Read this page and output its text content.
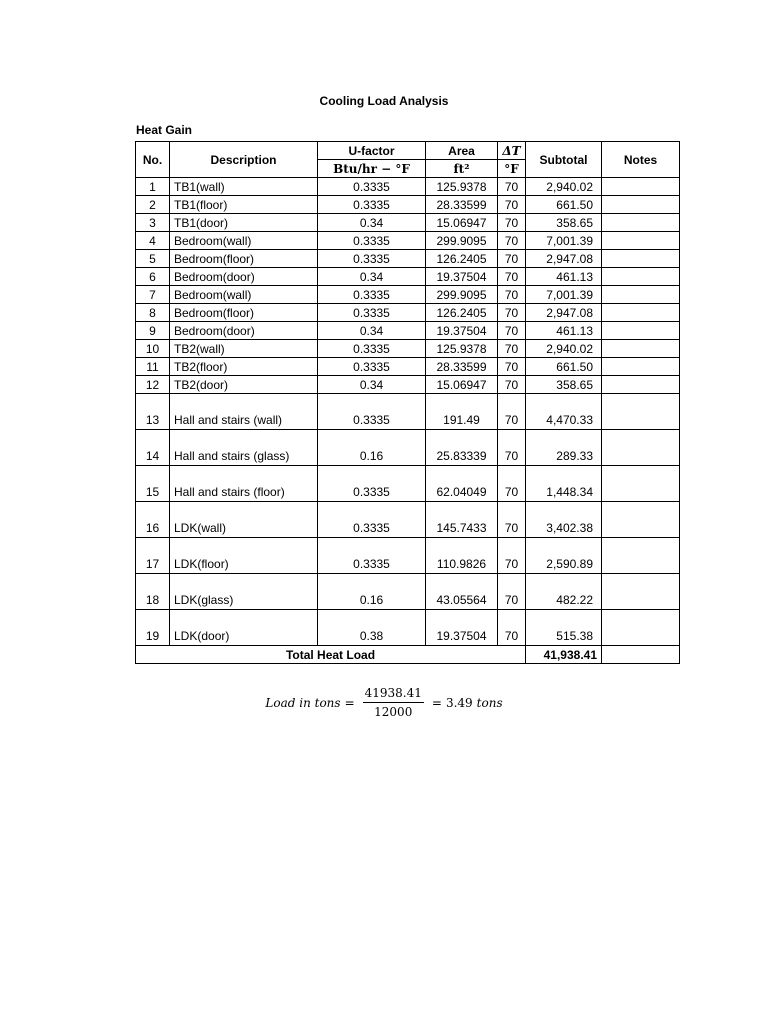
Cooling Load Analysis
Heat Gain
No.	Description	U-factor	Area	ΔT	Subtotal	Notes
		Btu/hr − °F	ft²	°F		
1	TB1(wall)	0.3335	125.9378	70	2,940.02	
2	TB1(floor)	0.3335	28.33599	70	661.50	
3	TB1(door)	0.34	15.06947	70	358.65	
4	Bedroom(wall)	0.3335	299.9095	70	7,001.39	
5	Bedroom(floor)	0.3335	126.2405	70	2,947.08	
6	Bedroom(door)	0.34	19.37504	70	461.13	
7	Bedroom(wall)	0.3335	299.9095	70	7,001.39	
8	Bedroom(floor)	0.3335	126.2405	70	2,947.08	
9	Bedroom(door)	0.34	19.37504	70	461.13	
10	TB2(wall)	0.3335	125.9378	70	2,940.02	
11	TB2(floor)	0.3335	28.33599	70	661.50	
12	TB2(door)	0.34	15.06947	70	358.65	
13	Hall and stairs (wall)	0.3335	191.49	70	4,470.33	
14	Hall and stairs (glass)	0.16	25.83339	70	289.33	
15	Hall and stairs (floor)	0.3335	62.04049	70	1,448.34	
16	LDK(wall)	0.3335	145.7433	70	3,402.38	
17	LDK(floor)	0.3335	110.9826	70	2,590.89	
18	LDK(glass)	0.16	43.05564	70	482.22	
19	LDK(door)	0.38	19.37504	70	515.38	
Total Heat Load					41,938.41	
Load in tons = $\frac{41938.41}{12000} = 3.49$ tons
